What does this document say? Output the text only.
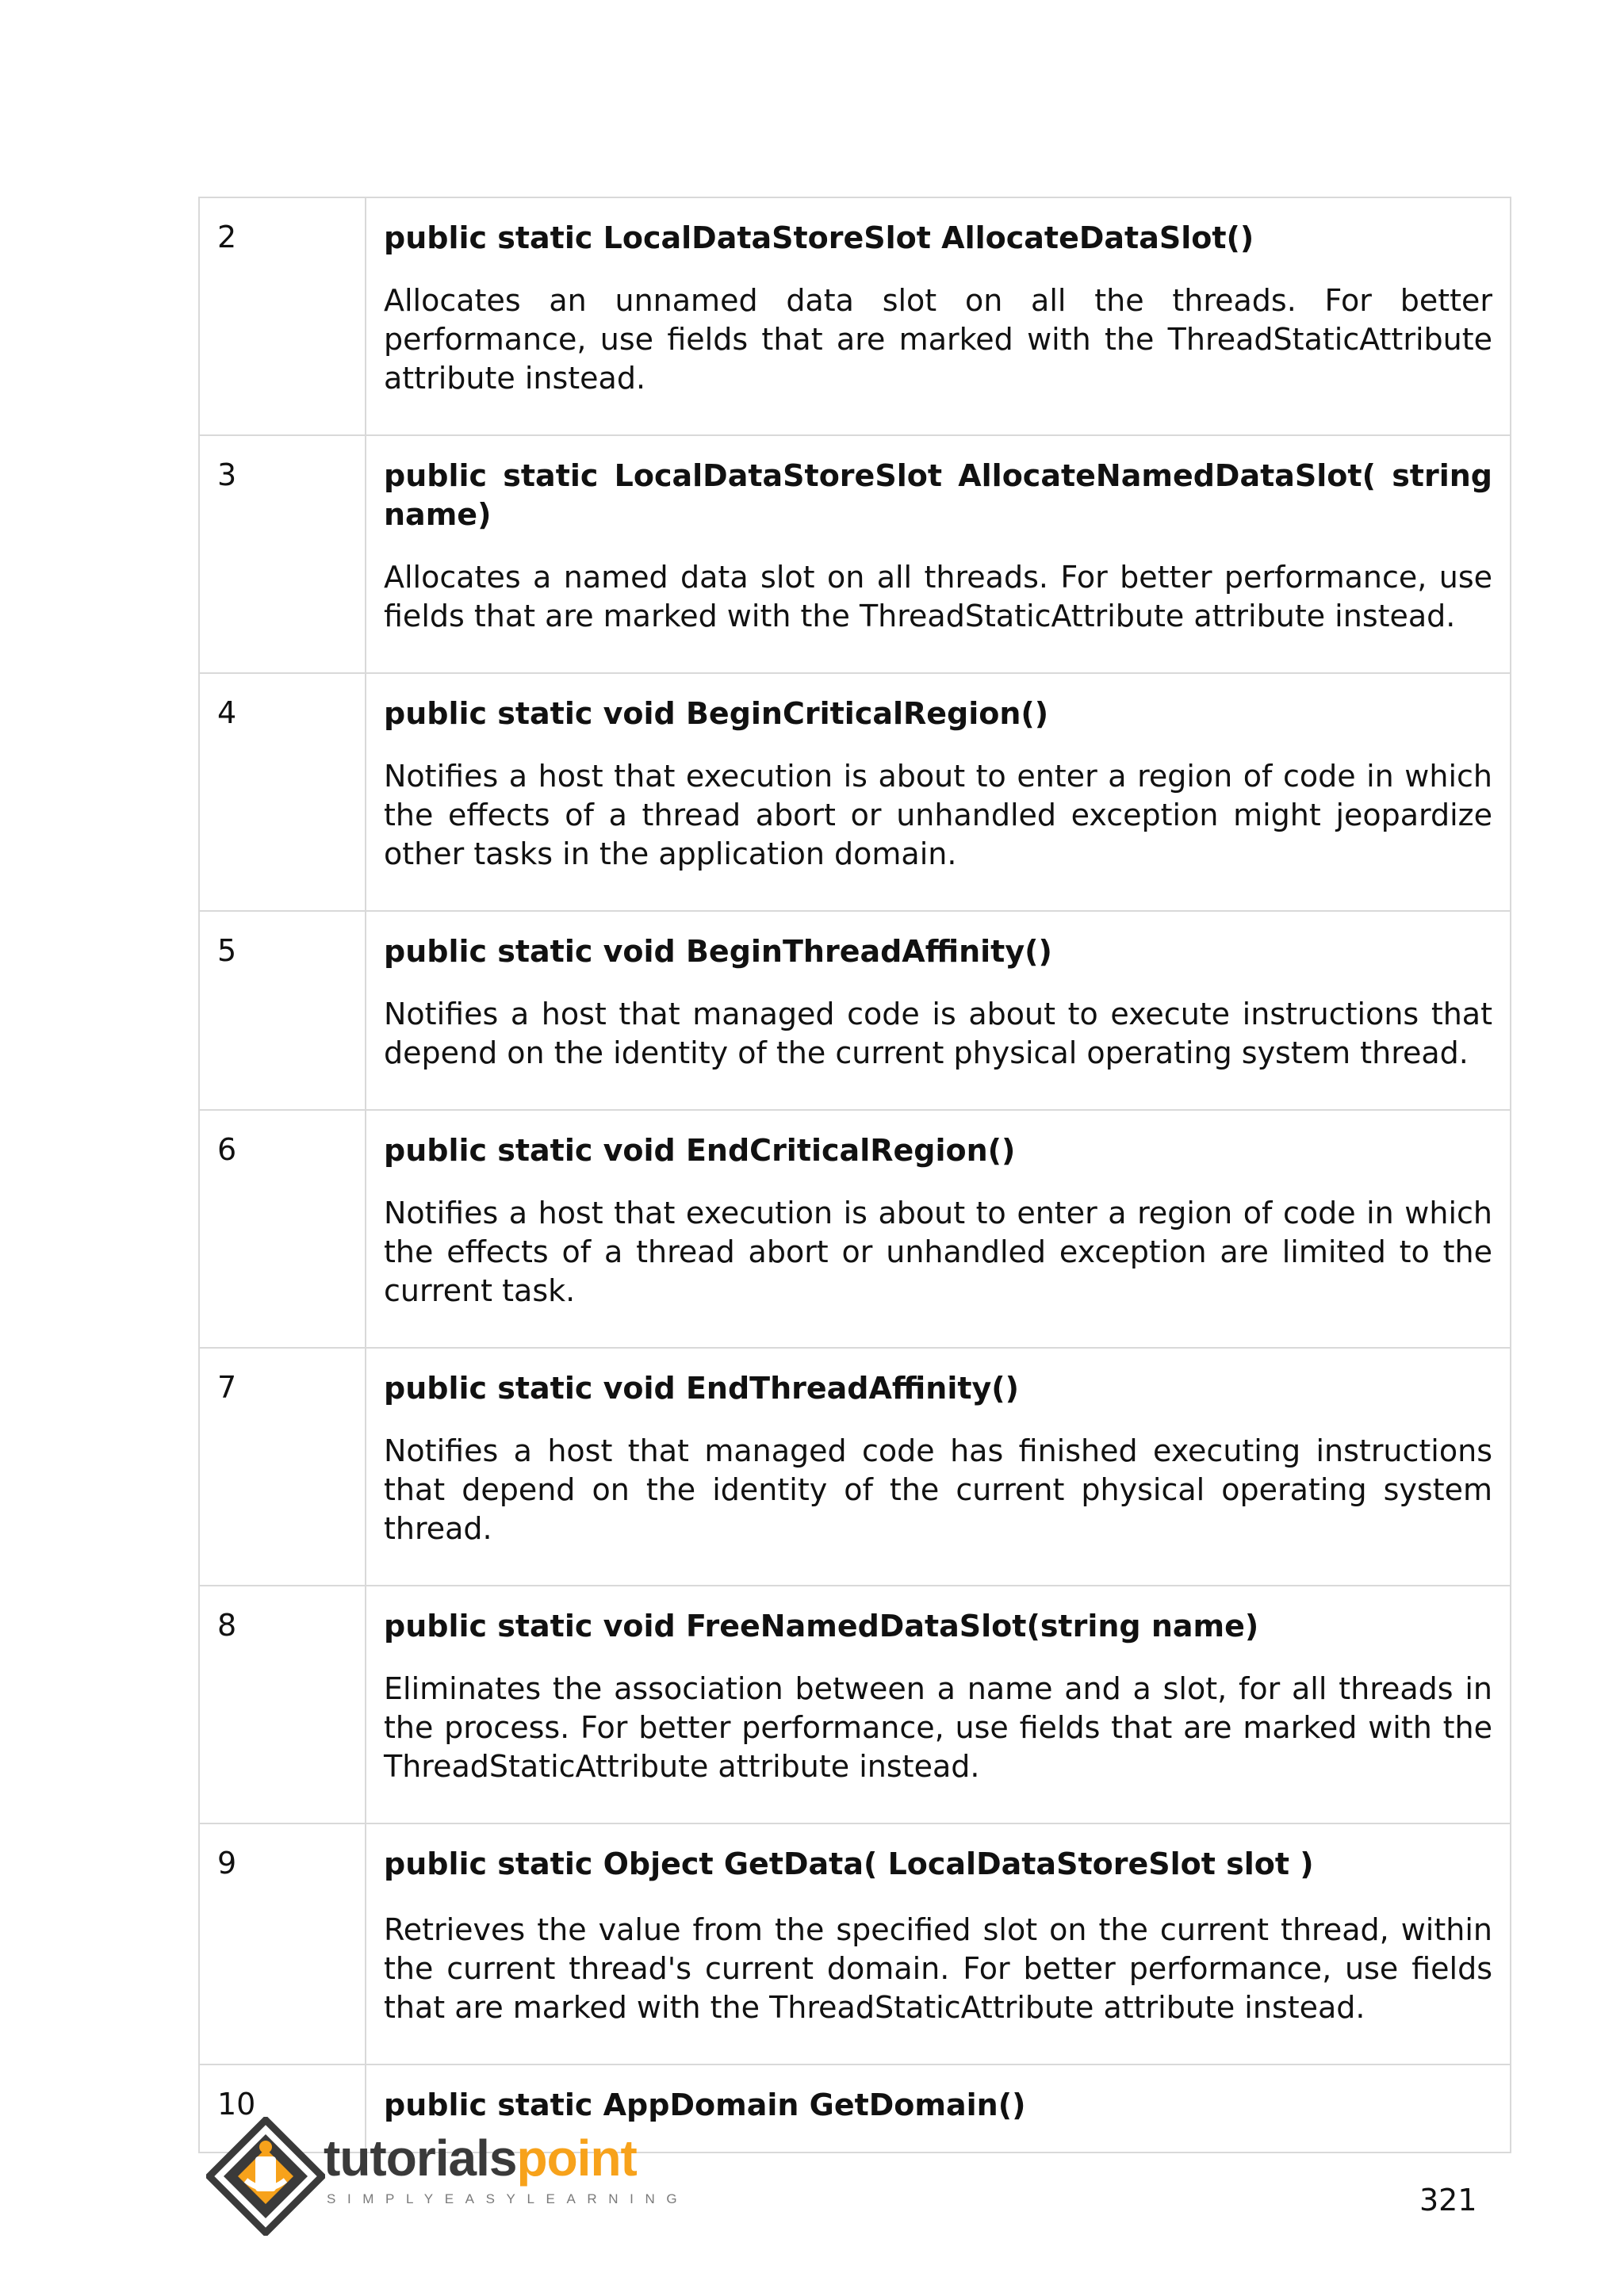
2	public static LocalDataStoreSlot AllocateDataSlot()

Allocates an unnamed data slot on all the threads. For better performance, use fields that are marked with the ThreadStaticAttribute attribute instead.

3	public static LocalDataStoreSlot AllocateNamedDataSlot( string name)

Allocates a named data slot on all threads. For better performance, use fields that are marked with the ThreadStaticAttribute attribute instead.

4	public static void BeginCriticalRegion()

Notifies a host that execution is about to enter a region of code in which the effects of a thread abort or unhandled exception might jeopardize other tasks in the application domain.

5	public static void BeginThreadAffinity()

Notifies a host that managed code is about to execute instructions that depend on the identity of the current physical operating system thread.

6	public static void EndCriticalRegion()

Notifies a host that execution is about to enter a region of code in which the effects of a thread abort or unhandled exception are limited to the current task.

7	public static void EndThreadAffinity()

Notifies a host that managed code has finished executing instructions that depend on the identity of the current physical operating system thread.

8	public static void FreeNamedDataSlot(string name)

Eliminates the association between a name and a slot, for all threads in the process. For better performance, use fields that are marked with the ThreadStaticAttribute attribute instead.

9	public static Object GetData( LocalDataStoreSlot slot )

Retrieves the value from the specified slot on the current thread, within the current thread's current domain. For better performance, use fields that are marked with the ThreadStaticAttribute attribute instead.

10	public static AppDomain GetDomain()

tutorialspoint
SIMPLYEASYLEARNING	321
